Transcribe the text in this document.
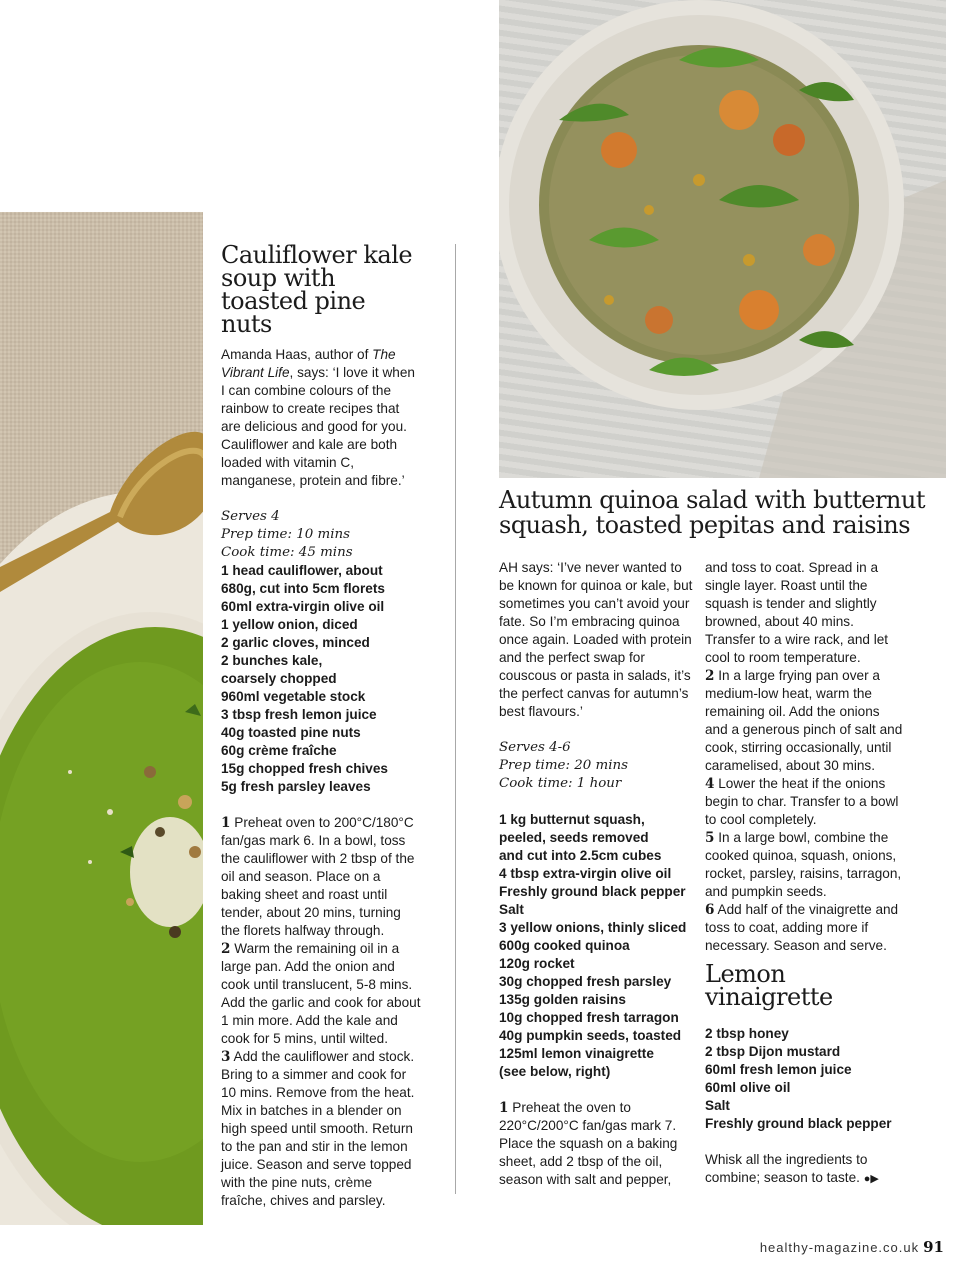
Cauliflower kale
soup with
toasted pine nuts

Amanda Haas, author of The Vibrant Life, says: ‘I love it when I can combine colours of the rainbow to create recipes that are delicious and good for you. Cauliflower and kale are both loaded with vitamin C, manganese, protein and fibre.’

Serves 4

Prep time: 10 mins

Cook time: 45 mins

1 head cauliflower, about
680g, cut into 5cm florets
60ml extra-virgin olive oil
1 yellow onion, diced
2 garlic cloves, minced
2 bunches kale,
coarsely chopped
960ml vegetable stock
3 tbsp fresh lemon juice
40g toasted pine nuts
60g crème fraîche
15g chopped fresh chives
5g fresh parsley leaves

1 Preheat oven to 200°C/180°C fan/gas mark 6. In a bowl, toss the cauliflower with 2 tbsp of the oil and season. Place on a baking sheet and roast until tender, about 20 mins, turning the florets halfway through.

2 Warm the remaining oil in a large pan. Add the onion and cook until translucent, 5-8 mins. Add the garlic and cook for about 1 min more. Add the kale and cook for 5 mins, until wilted.

3 Add the cauliflower and stock. Bring to a simmer and cook for 10 mins. Remove from the heat. Mix in batches in a blender on high speed until smooth. Return to the pan and stir in the lemon juice. Season and serve topped with the pine nuts, crème fraîche, chives and parsley.

Autumn quinoa salad with butternut
squash, toasted pepitas and raisins

AH says: ‘I’ve never wanted to be known for quinoa or kale, but sometimes you can’t avoid your fate. So I’m embracing quinoa once again. Loaded with protein and the perfect swap for couscous or pasta in salads, it’s the perfect canvas for autumn’s best flavours.’

Serves 4-6

Prep time: 20 mins

Cook time: 1 hour

1 kg butternut squash,
peeled, seeds removed
and cut into 2.5cm cubes
4 tbsp extra-virgin olive oil
Freshly ground black pepper
Salt
3 yellow onions, thinly sliced
600g cooked quinoa
120g rocket
30g chopped fresh parsley
135g golden raisins
10g chopped fresh tarragon
40g pumpkin seeds, toasted
125ml lemon vinaigrette
(see below, right)

1 Preheat the oven to 220°C/200°C fan/gas mark 7. Place the squash on a baking sheet, add 2 tbsp of the oil, season with salt and pepper,

and toss to coat. Spread in a single layer. Roast until the squash is tender and slightly browned, about 40 mins. Transfer to a wire rack, and let cool to room temperature.

2 In a large frying pan over a medium-low heat, warm the remaining oil. Add the onions and a generous pinch of salt and cook, stirring occasionally, until caramelised, about 30 mins.

4 Lower the heat if the onions begin to char. Transfer to a bowl to cool completely.

5 In a large bowl, combine the cooked quinoa, squash, onions, rocket, parsley, raisins, tarragon, and pumpkin seeds.

6 Add half of the vinaigrette and toss to coat, adding more if necessary. Season and serve.

Lemon
vinaigrette
2 tbsp honey
2 tbsp Dijon mustard
60ml fresh lemon juice
60ml olive oil
Salt
Freshly ground black pepper

Whisk all the ingredients to combine; season to taste. ●▶

healthy-magazine.co.uk 91
